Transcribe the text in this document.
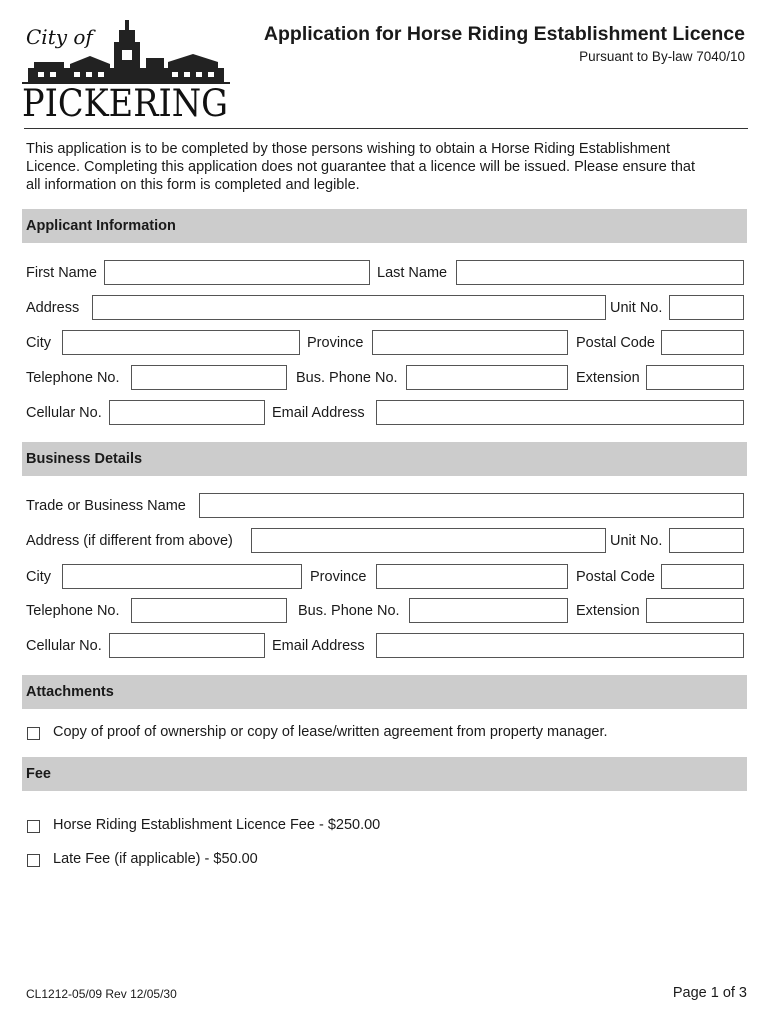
City of
PICKERING
Application for Horse Riding Establishment Licence
Pursuant to By-law 7040/10
This application is to be completed by those persons wishing to obtain a Horse Riding Establishment
Licence. Completing this application does not guarantee that a licence will be issued. Please ensure that
all information on this form is completed and legible.
Applicant Information
First Name	Last Name
Address	Unit No.
City	Province	Postal Code
Telephone No.	Bus. Phone No.	Extension
Cellular No.	Email Address
Business Details
Trade or Business Name
Address (if different from above)	Unit No.
City	Province	Postal Code
Telephone No.	Bus. Phone No.	Extension
Cellular No.	Email Address
Attachments
Copy of proof of ownership or copy of lease/written agreement from property manager.
Fee
Horse Riding Establishment Licence Fee - $250.00
Late Fee (if applicable) - $50.00
CL1212-05/09 Rev 12/05/30	Page 1 of 3
